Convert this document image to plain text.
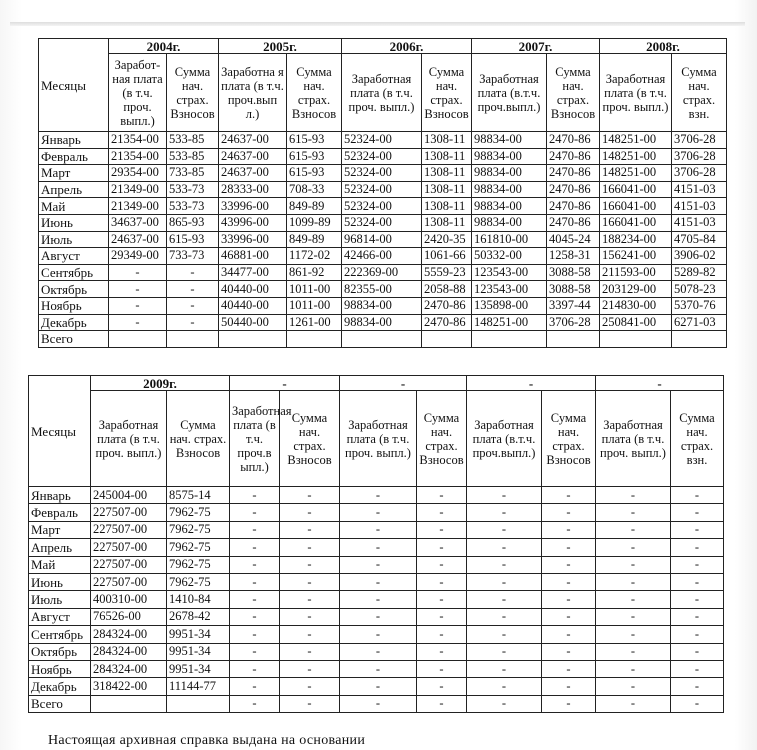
Месяцы	2004г.		2005г.		2006г.		2007г.		2008г.	
	Заработ-ная плата (в т.ч. проч. выпл.)	Сумма нач. страх. Взносов	Заработна я плата (в т.ч. проч.вып л.)	Сумма нач. страх. Взносов	Заработная плата (в т.ч. проч. выпл.)	Сумма нач. страх. Взносов	Заработная плата (в.т.ч. проч.выпл.)	Сумма нач. страх. Взносов	Заработная плата (в т.ч. проч. выпл.)	Сумма нач. страх. взн.
Январь	21354-00	533-85	24637-00	615-93	52324-00	1308-11	98834-00	2470-86	148251-00	3706-28
Февраль	21354-00	533-85	24637-00	615-93	52324-00	1308-11	98834-00	2470-86	148251-00	3706-28
Март	29354-00	733-85	24637-00	615-93	52324-00	1308-11	98834-00	2470-86	148251-00	3706-28
Апрель	21349-00	533-73	28333-00	708-33	52324-00	1308-11	98834-00	2470-86	166041-00	4151-03
Май	21349-00	533-73	33996-00	849-89	52324-00	1308-11	98834-00	2470-86	166041-00	4151-03
Июнь	34637-00	865-93	43996-00	1099-89	52324-00	1308-11	98834-00	2470-86	166041-00	4151-03
Июль	24637-00	615-93	33996-00	849-89	96814-00	2420-35	161810-00	4045-24	188234-00	4705-84
Август	29349-00	733-73	46881-00	1172-02	42466-00	1061-66	50332-00	1258-31	156241-00	3906-02
Сентябрь	-	-	34477-00	861-92	222369-00	5559-23	123543-00	3088-58	211593-00	5289-82
Октябрь	-	-	40440-00	1011-00	82355-00	2058-88	123543-00	3088-58	203129-00	5078-23
Ноябрь	-	-	40440-00	1011-00	98834-00	2470-86	135898-00	3397-44	214830-00	5370-76
Декабрь	-	-	50440-00	1261-00	98834-00	2470-86	148251-00	3706-28	250841-00	6271-03
Всего										
Месяцы	2009г.		-		-		-		-	
	Заработная плата (в т.ч. проч. выпл.)	Сумма нач. страх. Взносов	Заработная плата (в т.ч. проч.в ыпл.)	Сумма нач. страх. Взносов	Заработная плата (в т.ч. проч. выпл.)	Сумма нач. страх. Взносов	Заработная плата (в.т.ч. проч.выпл.)	Сумма нач. страх. Взносов	Заработная плата (в т.ч. проч. выпл.)	Сумма нач. страх. взн.
Январь	245004-00	8575-14	-	-	-	-	-	-	-	-
Февраль	227507-00	7962-75	-	-	-	-	-	-	-	-
Март	227507-00	7962-75	-	-	-	-	-	-	-	-
Апрель	227507-00	7962-75	-	-	-	-	-	-	-	-
Май	227507-00	7962-75	-	-	-	-	-	-	-	-
Июнь	227507-00	7962-75	-	-	-	-	-	-	-	-
Июль	400310-00	1410-84	-	-	-	-	-	-	-	-
Август	76526-00	2678-42	-	-	-	-	-	-	-	-
Сентябрь	284324-00	9951-34	-	-	-	-	-	-	-	-
Октябрь	284324-00	9951-34	-	-	-	-	-	-	-	-
Ноябрь	284324-00	9951-34	-	-	-	-	-	-	-	-
Декабрь	318422-00	11144-77	-	-	-	-	-	-	-	-
Всего			-	-	-	-	-	-	-	-
Настоящая архивная справка выдана на основании
